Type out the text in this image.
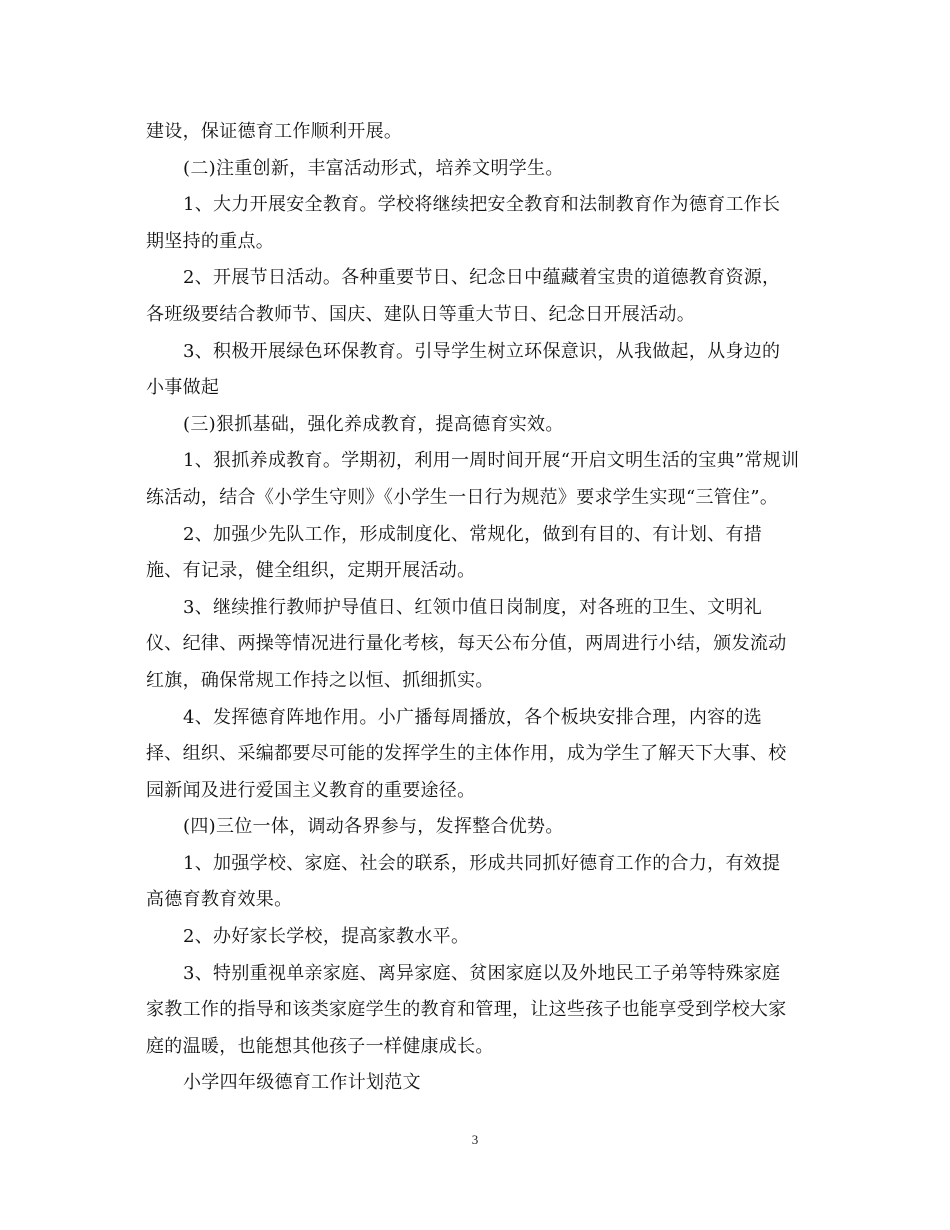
建设，保证德育工作顺利开展。
(二)注重创新，丰富活动形式，培养文明学生。
1、大力开展安全教育。学校将继续把安全教育和法制教育作为德育工作长
期坚持的重点。
2、开展节日活动。各种重要节日、纪念日中蕴藏着宝贵的道德教育资源，
各班级要结合教师节、国庆、建队日等重大节日、纪念日开展活动。
3、积极开展绿色环保教育。引导学生树立环保意识，从我做起，从身边的
小事做起
(三)狠抓基础，强化养成教育，提高德育实效。
1、狠抓养成教育。学期初，利用一周时间开展“开启文明生活的宝典”常规训
练活动，结合《小学生守则》《小学生一日行为规范》要求学生实现“三管住”。
2、加强少先队工作，形成制度化、常规化，做到有目的、有计划、有措
施、有记录，健全组织，定期开展活动。
3、继续推行教师护导值日、红领巾值日岗制度，对各班的卫生、文明礼
仪、纪律、两操等情况进行量化考核，每天公布分值，两周进行小结，颁发流动
红旗，确保常规工作持之以恒、抓细抓实。
4、发挥德育阵地作用。小广播每周播放，各个板块安排合理，内容的选
择、组织、采编都要尽可能的发挥学生的主体作用，成为学生了解天下大事、校
园新闻及进行爱国主义教育的重要途径。
(四)三位一体，调动各界参与，发挥整合优势。
1、加强学校、家庭、社会的联系，形成共同抓好德育工作的合力，有效提
高德育教育效果。
2、办好家长学校，提高家教水平。
3、特别重视单亲家庭、离异家庭、贫困家庭以及外地民工子弟等特殊家庭
家教工作的指导和该类家庭学生的教育和管理，让这些孩子也能享受到学校大家
庭的温暖，也能想其他孩子一样健康成长。
小学四年级德育工作计划范文
3
